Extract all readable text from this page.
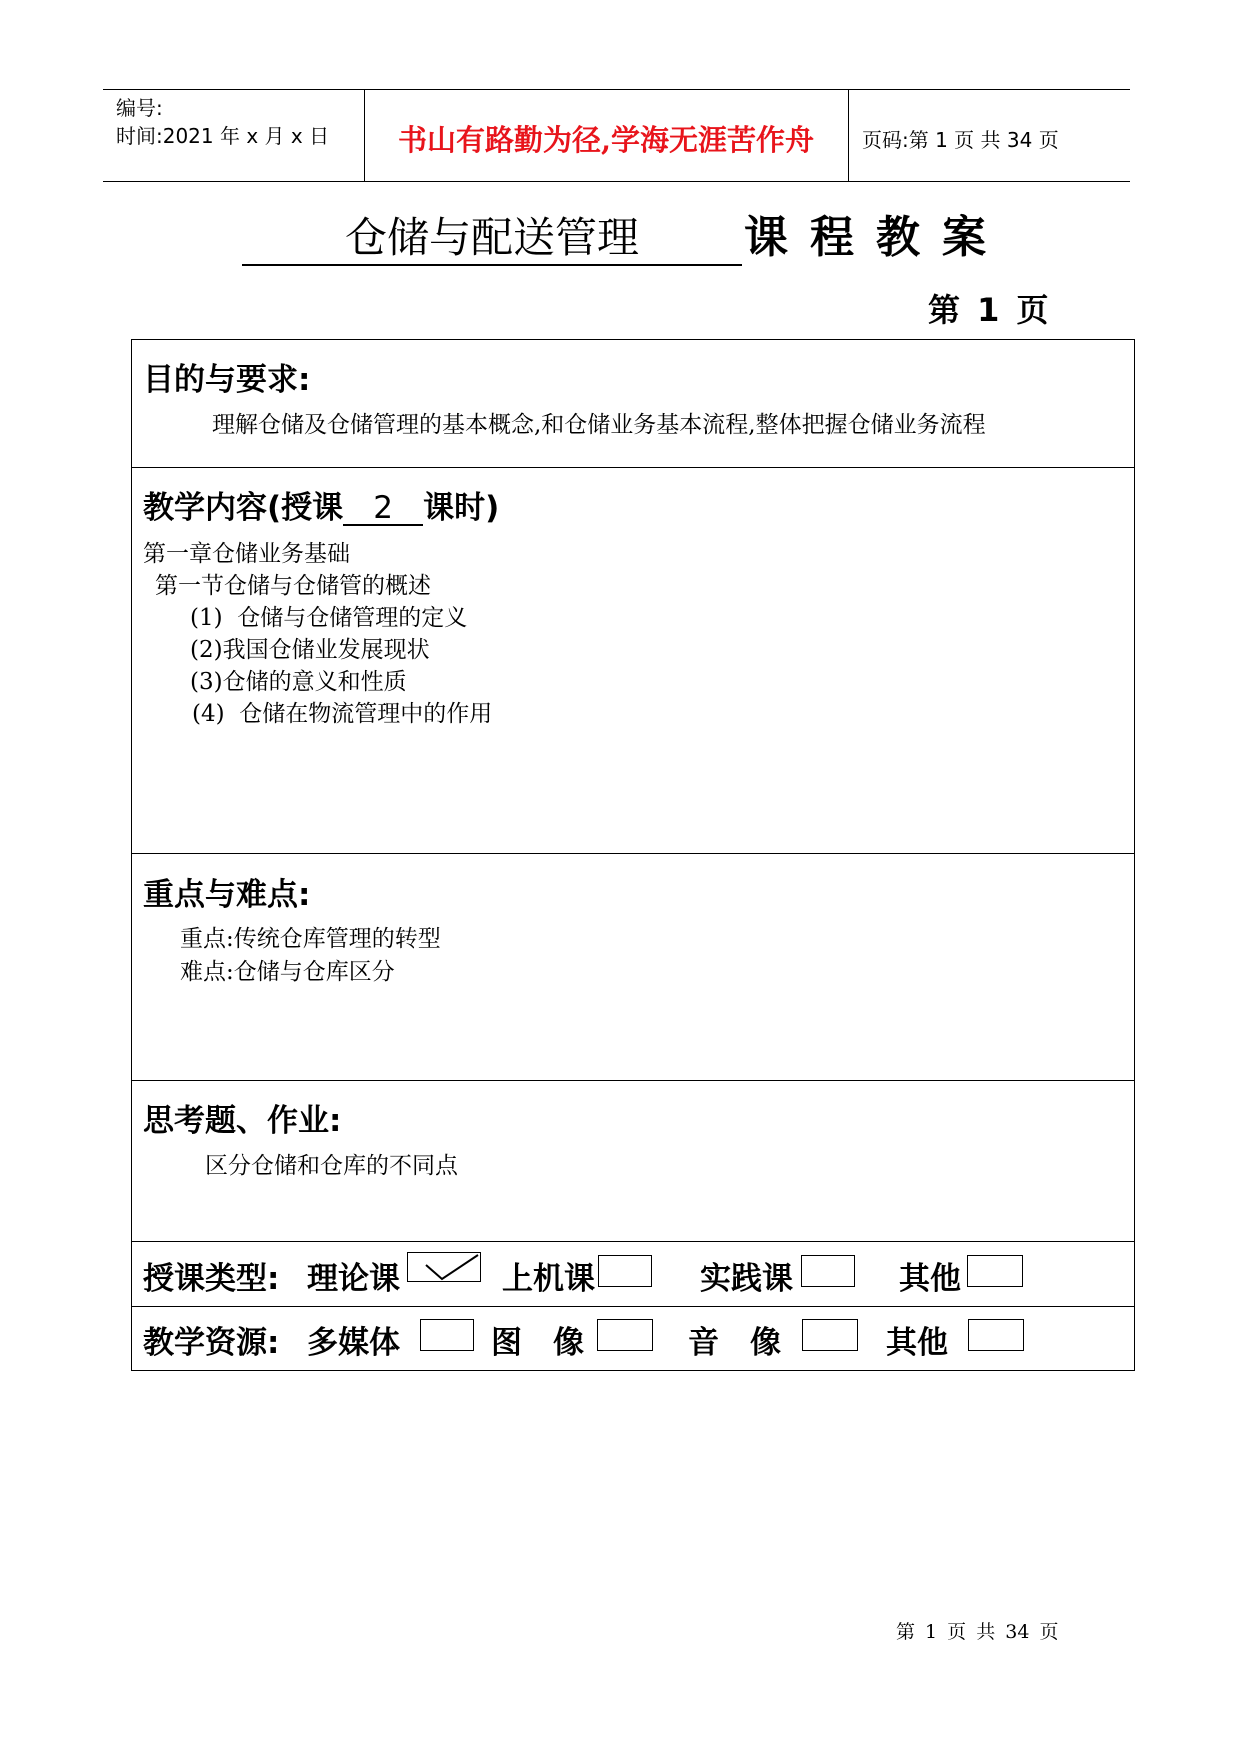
编号:
时间:2021 年 x 月 x 日	书山有路勤为径,学海无涯苦作舟	页码:第 1 页 共 34 页
仓储与配送管理	课程教案
第 1 页
目的与要求:
理解仓储及仓储管理的基本概念,和仓储业务基本流程,整体把握仓储业务流程
教学内容(授课 2 课时)
第一章仓储业务基础
第一节仓储与仓储管的概述
(1)  仓储与仓储管理的定义
(2)我国仓储业发展现状
(3)仓储的意义和性质
(4)  仓储在物流管理中的作用
重点与难点:
重点:传统仓库管理的转型
难点:仓储与仓库区分
思考题、作业:
区分仓储和仓库的不同点
授课类型: 理论课	上机课	实践课	其他
教学资源: 多媒体	图　像	音　像	其他
第 1 页 共 34 页
